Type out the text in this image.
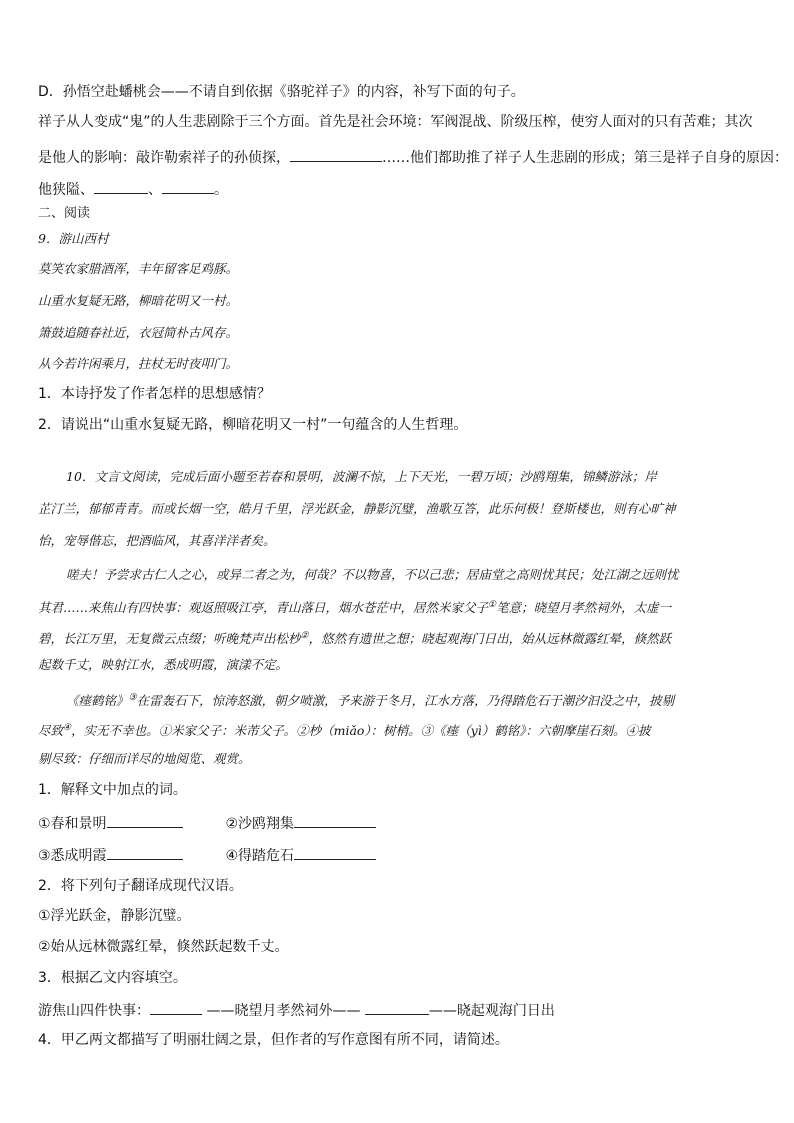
D．孙悟空赴蟠桃会——不请自到依据《骆驼祥子》的内容，补写下面的句子。
祥子从人变成“鬼”的人生悲剧除于三个方面。首先是社会环境：军阀混战、阶级压榨，使穷人面对的只有苦难；其次
是他人的影响：敲诈勒索祥子的孙侦探，	……他们都助推了祥子人生悲剧的形成；第三是祥子自身的原因：
他狭隘、	、	。
二、阅读
9．游山西村
莫笑农家腊酒浑，丰年留客足鸡豚。
山重水复疑无路，柳暗花明又一村。
箫鼓追随春社近，衣冠简朴古风存。
从今若许闲乘月，拄杖无时夜叩门。
1．本诗抒发了作者怎样的思想感情？
2．请说出“山重水复疑无路，柳暗花明又一村”一句蕴含的人生哲理。
10．文言文阅读，完成后面小题至若春和景明，波澜不惊，上下天光，一碧万顷；沙鸥翔集，锦鳞游泳；岸
芷汀兰，郁郁青青。而或长烟一空，皓月千里，浮光跃金，静影沉璧，渔歌互答，此乐何极！登斯楼也，则有心旷神
怡，宠辱偕忘，把酒临风，其喜洋洋者矣。
嗟夫！予尝求古仁人之心，或异二者之为，何哉？不以物喜，不以己悲；居庙堂之高则忧其民；处江湖之远则忧
其君……来焦山有四快事：观返照吸江亭，青山落日，烟水苍茫中，居然米家父子①笔意；晓望月孝然祠外，太虚一
碧，长江万里，无复微云点缀；听晚梵声出松杪②，悠然有遗世之想；晓起观海门日出，始从远林微露红晕，倏然跃
起数千丈，映射江水，悉成明霞，演漾不定。
《瘗鹤铭》③在雷轰石下，惊涛怒激，朝夕喷激，予来游于冬月，江水方落，乃得踏危石于潮汐汩没之中，披剔
尽致④，实无不幸也。①米家父子：米芾父子。②杪（miǎo）：树梢。③《瘗（yì）鹤铭》：六朝摩崖石刻。④披
剔尽致：仔细而详尽的地阅览、观赏。
1．解释文中加点的词。
①春和景明	②沙鸥翔集
③悉成明霞	④得踏危石
2．将下列句子翻译成现代汉语。
①浮光跃金，静影沉璧。
②始从远林微露红晕，倏然跃起数千丈。
3．根据乙文内容填空。
游焦山四件快事：	——晓望月孝然祠外——	——晓起观海门日出
4．甲乙两文都描写了明丽壮阔之景，但作者的写作意图有所不同，请简述。
